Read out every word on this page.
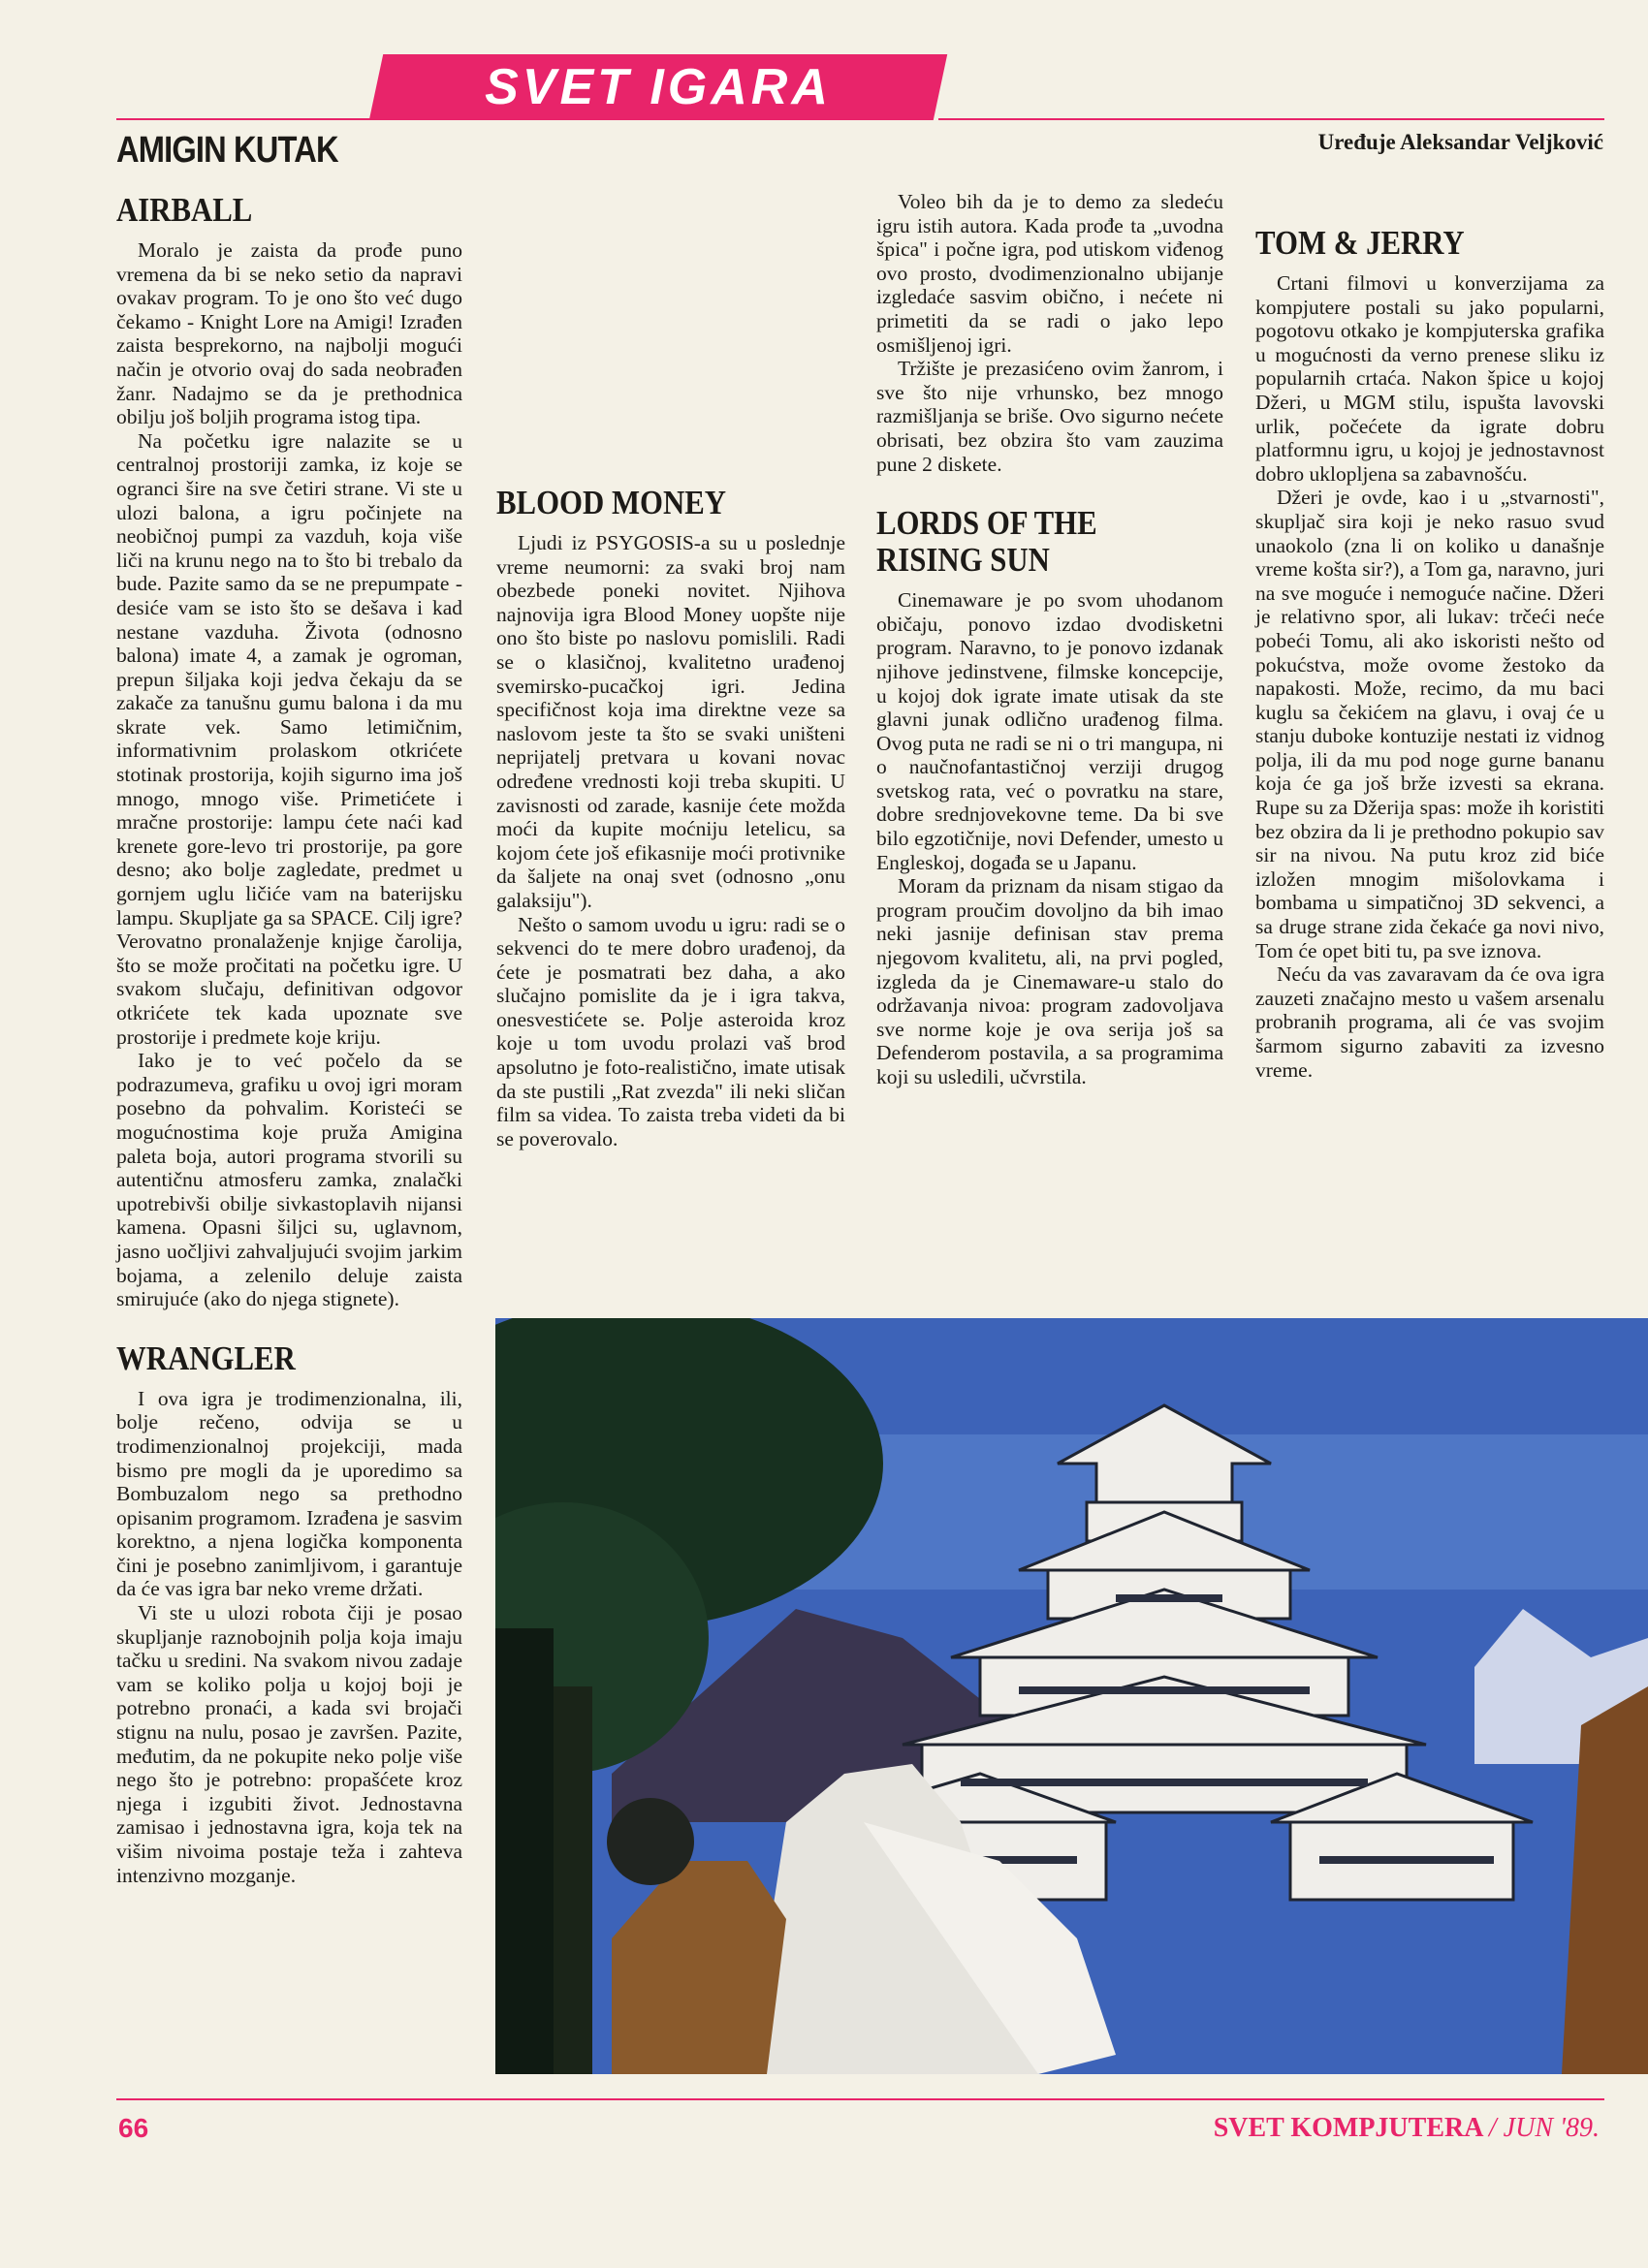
SVET IGARA
AMIGIN KUTAK	Uređuje Aleksandar Veljković
AIRBALL

Moralo je zaista da prođe puno vremena da bi se neko setio da napravi ovakav program. To je ono što već dugo čekamo - Knight Lore na Amigi! Izrađen zaista besprekorno, na najbolji mogući način je otvorio ovaj do sada neobrađen žanr. Nadajmo se da je prethodnica obilju još boljih programa istog tipa.

Na početku igre nalazite se u centralnoj prostoriji zamka, iz koje se ogranci šire na sve četiri strane. Vi ste u ulozi balona, a igru počinjete na neobičnoj pumpi za vazduh, koja više liči na krunu nego na to što bi trebalo da bude. Pazite samo da se ne prepumpate - desiće vam se isto što se dešava i kad nestane vazduha. Života (odnosno balona) imate 4, a zamak je ogroman, prepun šiljaka koji jedva čekaju da se zakače za tanušnu gumu balona i da mu skrate vek. Samo letimičnim, informativnim prolaskom otkrićete stotinak prostorija, kojih sigurno ima još mnogo, mnogo više. Primetićete i mračne prostorije: lampu ćete naći kad krenete gore-levo tri prostorije, pa gore desno; ako bolje zagledate, predmet u gornjem uglu ličiće vam na baterijsku lampu. Skupljate ga sa SPACE. Cilj igre? Verovatno pronalaženje knjige čarolija, što se može pročitati na početku igre. U svakom slučaju, definitivan odgovor otkrićete tek kada upoznate sve prostorije i predmete koje kriju.

Iako je to već počelo da se podrazumeva, grafiku u ovoj igri moram posebno da pohvalim. Koristeći se mogućnostima koje pruža Amigina paleta boja, autori programa stvorili su autentičnu atmosferu zamka, znalački upotrebivši obilje sivkastoplavih nijansi kamena. Opasni šiljci su, uglavnom, jasno uočljivi zahvaljujući svojim jarkim bojama, a zelenilo deluje zaista smirujuće (ako do njega stignete).

WRANGLER

I ova igra je trodimenzionalna, ili, bolje rečeno, odvija se u trodimenzionalnoj projekciji, mada bismo pre mogli da je uporedimo sa Bombuzalom nego sa prethodno opisanim programom. Izrađena je sasvim korektno, a njena logička komponenta čini je posebno zanimljivom, i garantuje da će vas igra bar neko vreme držati.

Vi ste u ulozi robota čiji je posao skupljanje raznobojnih polja koja imaju tačku u sredini. Na svakom nivou zadaje vam se koliko polja u kojoj boji je potrebno pronaći, a kada svi brojači stignu na nulu, posao je završen. Pazite, međutim, da ne pokupite neko polje više nego što je potrebno: propašćete kroz njega i izgubiti život. Jednostavna zamisao i jednostavna igra, koja tek na višim nivoima postaje teža i zahteva intenzivno mozganje.

BLOOD MONEY

Ljudi iz PSYGOSIS-a su u poslednje vreme neumorni: za svaki broj nam obezbede poneki novitet. Njihova najnovija igra Blood Money uopšte nije ono što biste po naslovu pomislili. Radi se o klasičnoj, kvalitetno urađenoj svemirsko-pucačkoj igri. Jedina specifičnost koja ima direktne veze sa naslovom jeste ta što se svaki uništeni neprijatelj pretvara u kovani novac određene vrednosti koji treba skupiti. U zavisnosti od zarade, kasnije ćete možda moći da kupite moćniju letelicu, sa kojom ćete još efikasnije moći protivnike da šaljete na onaj svet (odnosno „onu galaksiju").

Nešto o samom uvodu u igru: radi se o sekvenci do te mere dobro urađenoj, da ćete je posmatrati bez daha, a ako slučajno pomislite da je i igra takva, onesvestićete se. Polje asteroida kroz koje u tom uvodu prolazi vaš brod apsolutno je foto-realistično, imate utisak da ste pustili „Rat zvezda" ili neki sličan film sa videa. To zaista treba videti da bi se poverovalo.

Voleo bih da je to demo za sledeću igru istih autora. Kada prođe ta „uvodna špica" i počne igra, pod utiskom viđenog ovo prosto, dvodimenzionalno ubijanje izgledaće sasvim obično, i nećete ni primetiti da se radi o jako lepo osmišljenoj igri.

Tržište je prezasićeno ovim žanrom, i sve što nije vrhunsko, bez mnogo razmišljanja se briše. Ovo sigurno nećete obrisati, bez obzira što vam zauzima pune 2 diskete.

LORDS OF THE RISING SUN

Cinemaware je po svom uhodanom običaju, ponovo izdao dvodisketni program. Naravno, to je ponovo izdanak njihove jedinstvene, filmske koncepcije, u kojoj dok igrate imate utisak da ste glavni junak odlično urađenog filma. Ovog puta ne radi se ni o tri mangupa, ni o naučnofantastičnoj verziji drugog svetskog rata, već o povratku na stare, dobre srednjovekovne teme. Da bi sve bilo egzotičnije, novi Defender, umesto u Engleskoj, događa se u Japanu.

Moram da priznam da nisam stigao da program proučim dovoljno da bih imao neki jasnije definisan stav prema njegovom kvalitetu, ali, na prvi pogled, izgleda da je Cinemaware-u stalo do održavanja nivoa: program zadovoljava sve norme koje je ova serija još sa Defenderom postavila, a sa programima koji su usledili, učvrstila.

TOM & JERRY

Crtani filmovi u konverzijama za kompjutere postali su jako popularni, pogotovu otkako je kompjuterska grafika u mogućnosti da verno prenese sliku iz popularnih crtaća. Nakon špice u kojoj Džeri, u MGM stilu, ispušta lavovski urlik, počećete da igrate dobru platformnu igru, u kojoj je jednostavnost dobro uklopljena sa zabavnošću.

Džeri je ovde, kao i u „stvarnosti", skupljač sira koji je neko rasuo svud unaokolo (zna li on koliko u današnje vreme košta sir?), a Tom ga, naravno, juri na sve moguće i nemoguće načine. Džeri je relativno spor, ali lukav: trčeći neće pobeći Tomu, ali ako iskoristi nešto od pokućstva, može ovome žestoko da napakosti. Može, recimo, da mu baci kuglu sa čekićem na glavu, i ovaj će u stanju duboke kontuzije nestati iz vidnog polja, ili da mu pod noge gurne bananu koja će ga još brže izvesti sa ekrana. Rupe su za Džerija spas: može ih koristiti bez obzira da li je prethodno pokupio sav sir na nivou. Na putu kroz zid biće izložen mnogim mišolovkama i bombama u simpatičnoj 3D sekvenci, a sa druge strane zida čekaće ga novi nivo, Tom će opet biti tu, pa sve iznova.

Neću da vas zavaravam da će ova igra zauzeti značajno mesto u vašem arsenalu probranih programa, ali će vas svojim šarmom sigurno zabaviti za izvesno vreme.

66	SVET KOMPJUTERA / JUN '89.
